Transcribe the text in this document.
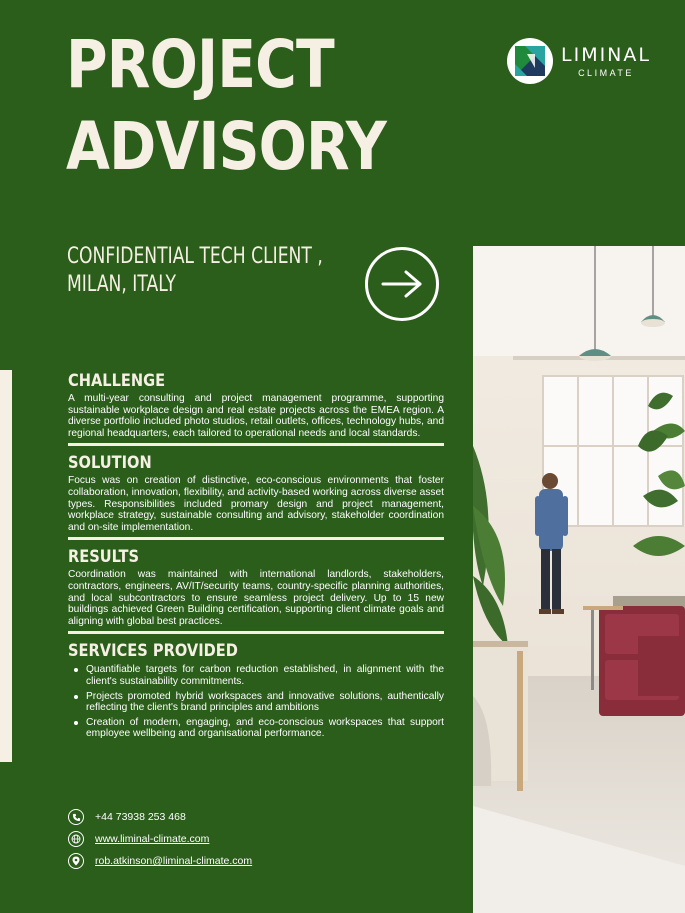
PROJECT
ADVISORY
LIMINAL
CLIMATE
CONFIDENTIAL TECH CLIENT ,
MILAN, ITALY
CHALLENGE

A multi-year consulting and project management programme, supporting sustainable workplace design and real estate projects across the EMEA region. A diverse portfolio included photo studios, retail outlets, offices, technology hubs, and regional headquarters, each tailored to operational needs and local standards.

SOLUTION

Focus was on creation of distinctive, eco-conscious environments that foster collaboration, innovation, flexibility, and activity-based working across diverse asset types. Responsibilities included promary design and project management, workplace strategy, sustainable consulting and advisory, stakeholder coordination and on-site implementation.

RESULTS

Coordination was maintained with international landlords, stakeholders, contractors, engineers, AV/IT/security teams, country-specific planning authorities, and local subcontractors to ensure seamless project delivery. Up to 15 new buildings achieved Green Building certification, supporting client climate goals and aligning with global best practices.

SERVICES PROVIDED
Quantifiable targets for carbon reduction established, in alignment with the client's sustainability commitments.
Projects promoted hybrid workspaces and innovative solutions, authentically reflecting the client's brand principles and ambitions
Creation of modern, engaging, and eco-conscious workspaces that support employee wellbeing and organisational performance.
+44 73938 253 468
www.liminal-climate.com
rob.atkinson@liminal-climate.com
